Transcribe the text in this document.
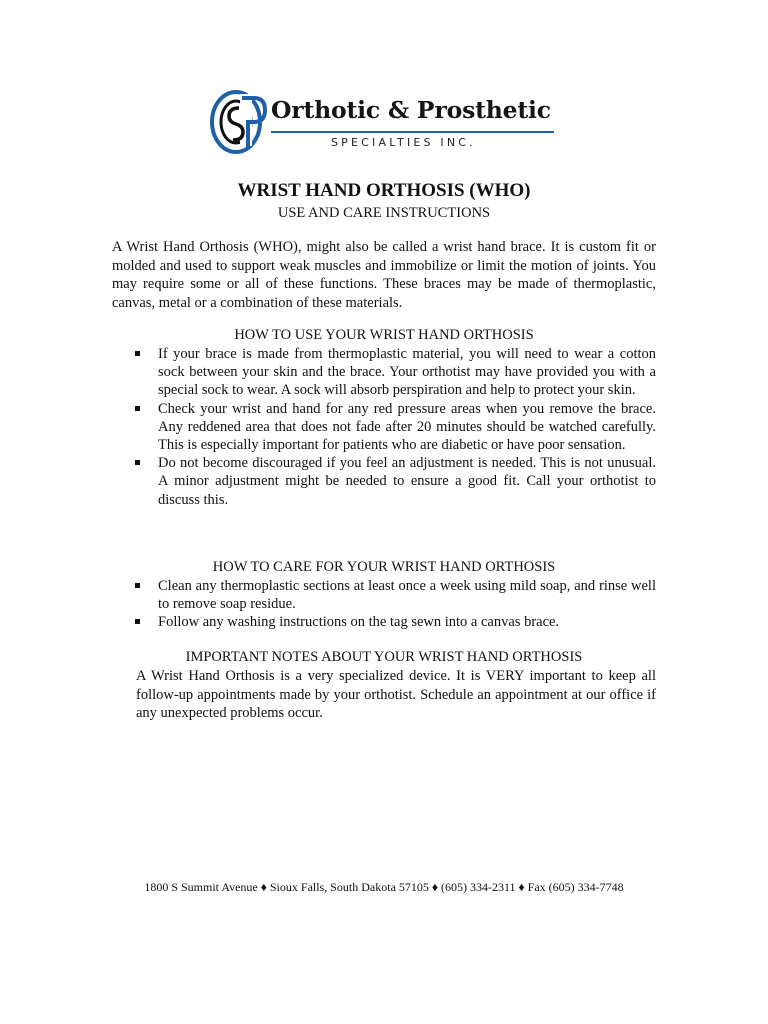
Orthotic & Prosthetic
SPECIALTIES INC.
WRIST HAND ORTHOSIS (WHO)

USE AND CARE INSTRUCTIONS

A Wrist Hand Orthosis (WHO), might also be called a wrist hand brace. It is custom fit or molded and used to support weak muscles and immobilize or limit the motion of joints. You may require some or all of these functions. These braces may be made of thermoplastic, canvas, metal or a combination of these materials.

HOW TO USE YOUR WRIST HAND ORTHOSIS

If your brace is made from thermoplastic material, you will need to wear a cotton sock between your skin and the brace. Your orthotist may have provided you with a special sock to wear. A sock will absorb perspiration and help to protect your skin.
Check your wrist and hand for any red pressure areas when you remove the brace. Any reddened area that does not fade after 20 minutes should be watched carefully. This is especially important for patients who are diabetic or have poor sensation.
Do not become discouraged if you feel an adjustment is needed. This is not unusual. A minor adjustment might be needed to ensure a good fit. Call your orthotist to discuss this.

HOW TO CARE FOR YOUR WRIST HAND ORTHOSIS

Clean any thermoplastic sections at least once a week using mild soap, and rinse well to remove soap residue.
Follow any washing instructions on the tag sewn into a canvas brace.

IMPORTANT NOTES ABOUT YOUR WRIST HAND ORTHOSIS

A Wrist Hand Orthosis is a very specialized device. It is VERY important to keep all follow-up appointments made by your orthotist. Schedule an appointment at our office if any unexpected problems occur.

1800 S Summit Avenue ♦ Sioux Falls, South Dakota 57105 ♦ (605) 334-2311 ♦ Fax (605) 334-7748
